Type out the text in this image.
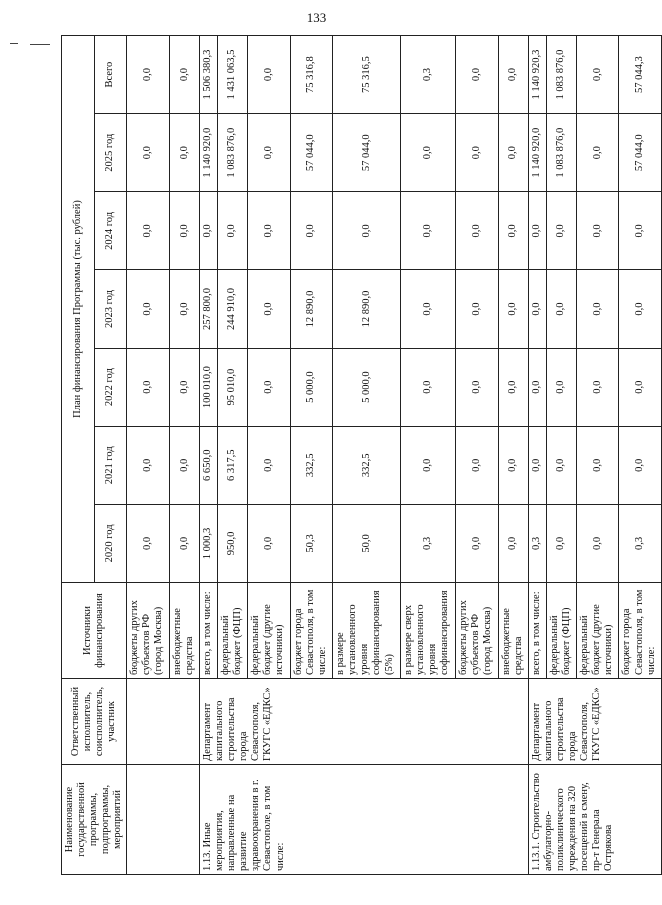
133
Наименование государственной программы, подпрограммы, мероприятий	Ответственный исполнитель, соисполнитель, участник	Источники финансирования	План финансирования Программы (тыс. рублей)						
			2020 год	2021 год	2022 год	2023 год	2024 год	2025 год	Всего
		бюджеты других субъектов РФ (город Москва)	0,0	0,0	0,0	0,0	0,0	0,0	0,0
		внебюджетные средства	0,0	0,0	0,0	0,0	0,0	0,0	0,0
1.13. Иные мероприятия, направленные на развитие здравоохранения в г. Севастополе, в том числе:	Департамент капитального строительства города Севастополя, ГКУГС «ЕДКС»	всего, в том числе:	1 000,3	6 650,0	100 010,0	257 800,0	0,0	1 140 920,0	1 506 380,3
		федеральный бюджет (ФЦП)	950,0	6 317,5	95 010,0	244 910,0	0,0	1 083 876,0	1 431 063,5
		федеральный бюджет (другие источники)	0,0	0,0	0,0	0,0	0,0	0,0	0,0
		бюджет города Севастополя, в том числе:	50,3	332,5	5 000,0	12 890,0	0,0	57 044,0	75 316,8
		в размере установленного уровня софинансирования (5%)	50,0	332,5	5 000,0	12 890,0	0,0	57 044,0	75 316,5
		в размере сверх установленного уровня софинансирования	0,3	0,0	0,0	0,0	0,0	0,0	0,3
		бюджеты других субъектов РФ (город Москва)	0,0	0,0	0,0	0,0	0,0	0,0	0,0
		внебюджетные средства	0,0	0,0	0,0	0,0	0,0	0,0	0,0
1.13.1. Строительство амбулаторно-поликлинического учреждения на 320 посещений в смену, пр-т Генерала Острякова	Департамент капитального строительства города Севастополя, ГКУГС «ЕДКС»	всего, в том числе:	0,3	0,0	0,0	0,0	0,0	1 140 920,0	1 140 920,3
		федеральный бюджет (ФЦП)	0,0	0,0	0,0	0,0	0,0	1 083 876,0	1 083 876,0
		федеральный бюджет (другие источники)	0,0	0,0	0,0	0,0	0,0	0,0	0,0
		бюджет города Севастополя, в том числе:	0,3	0,0	0,0	0,0	0,0	57 044,0	57 044,3
